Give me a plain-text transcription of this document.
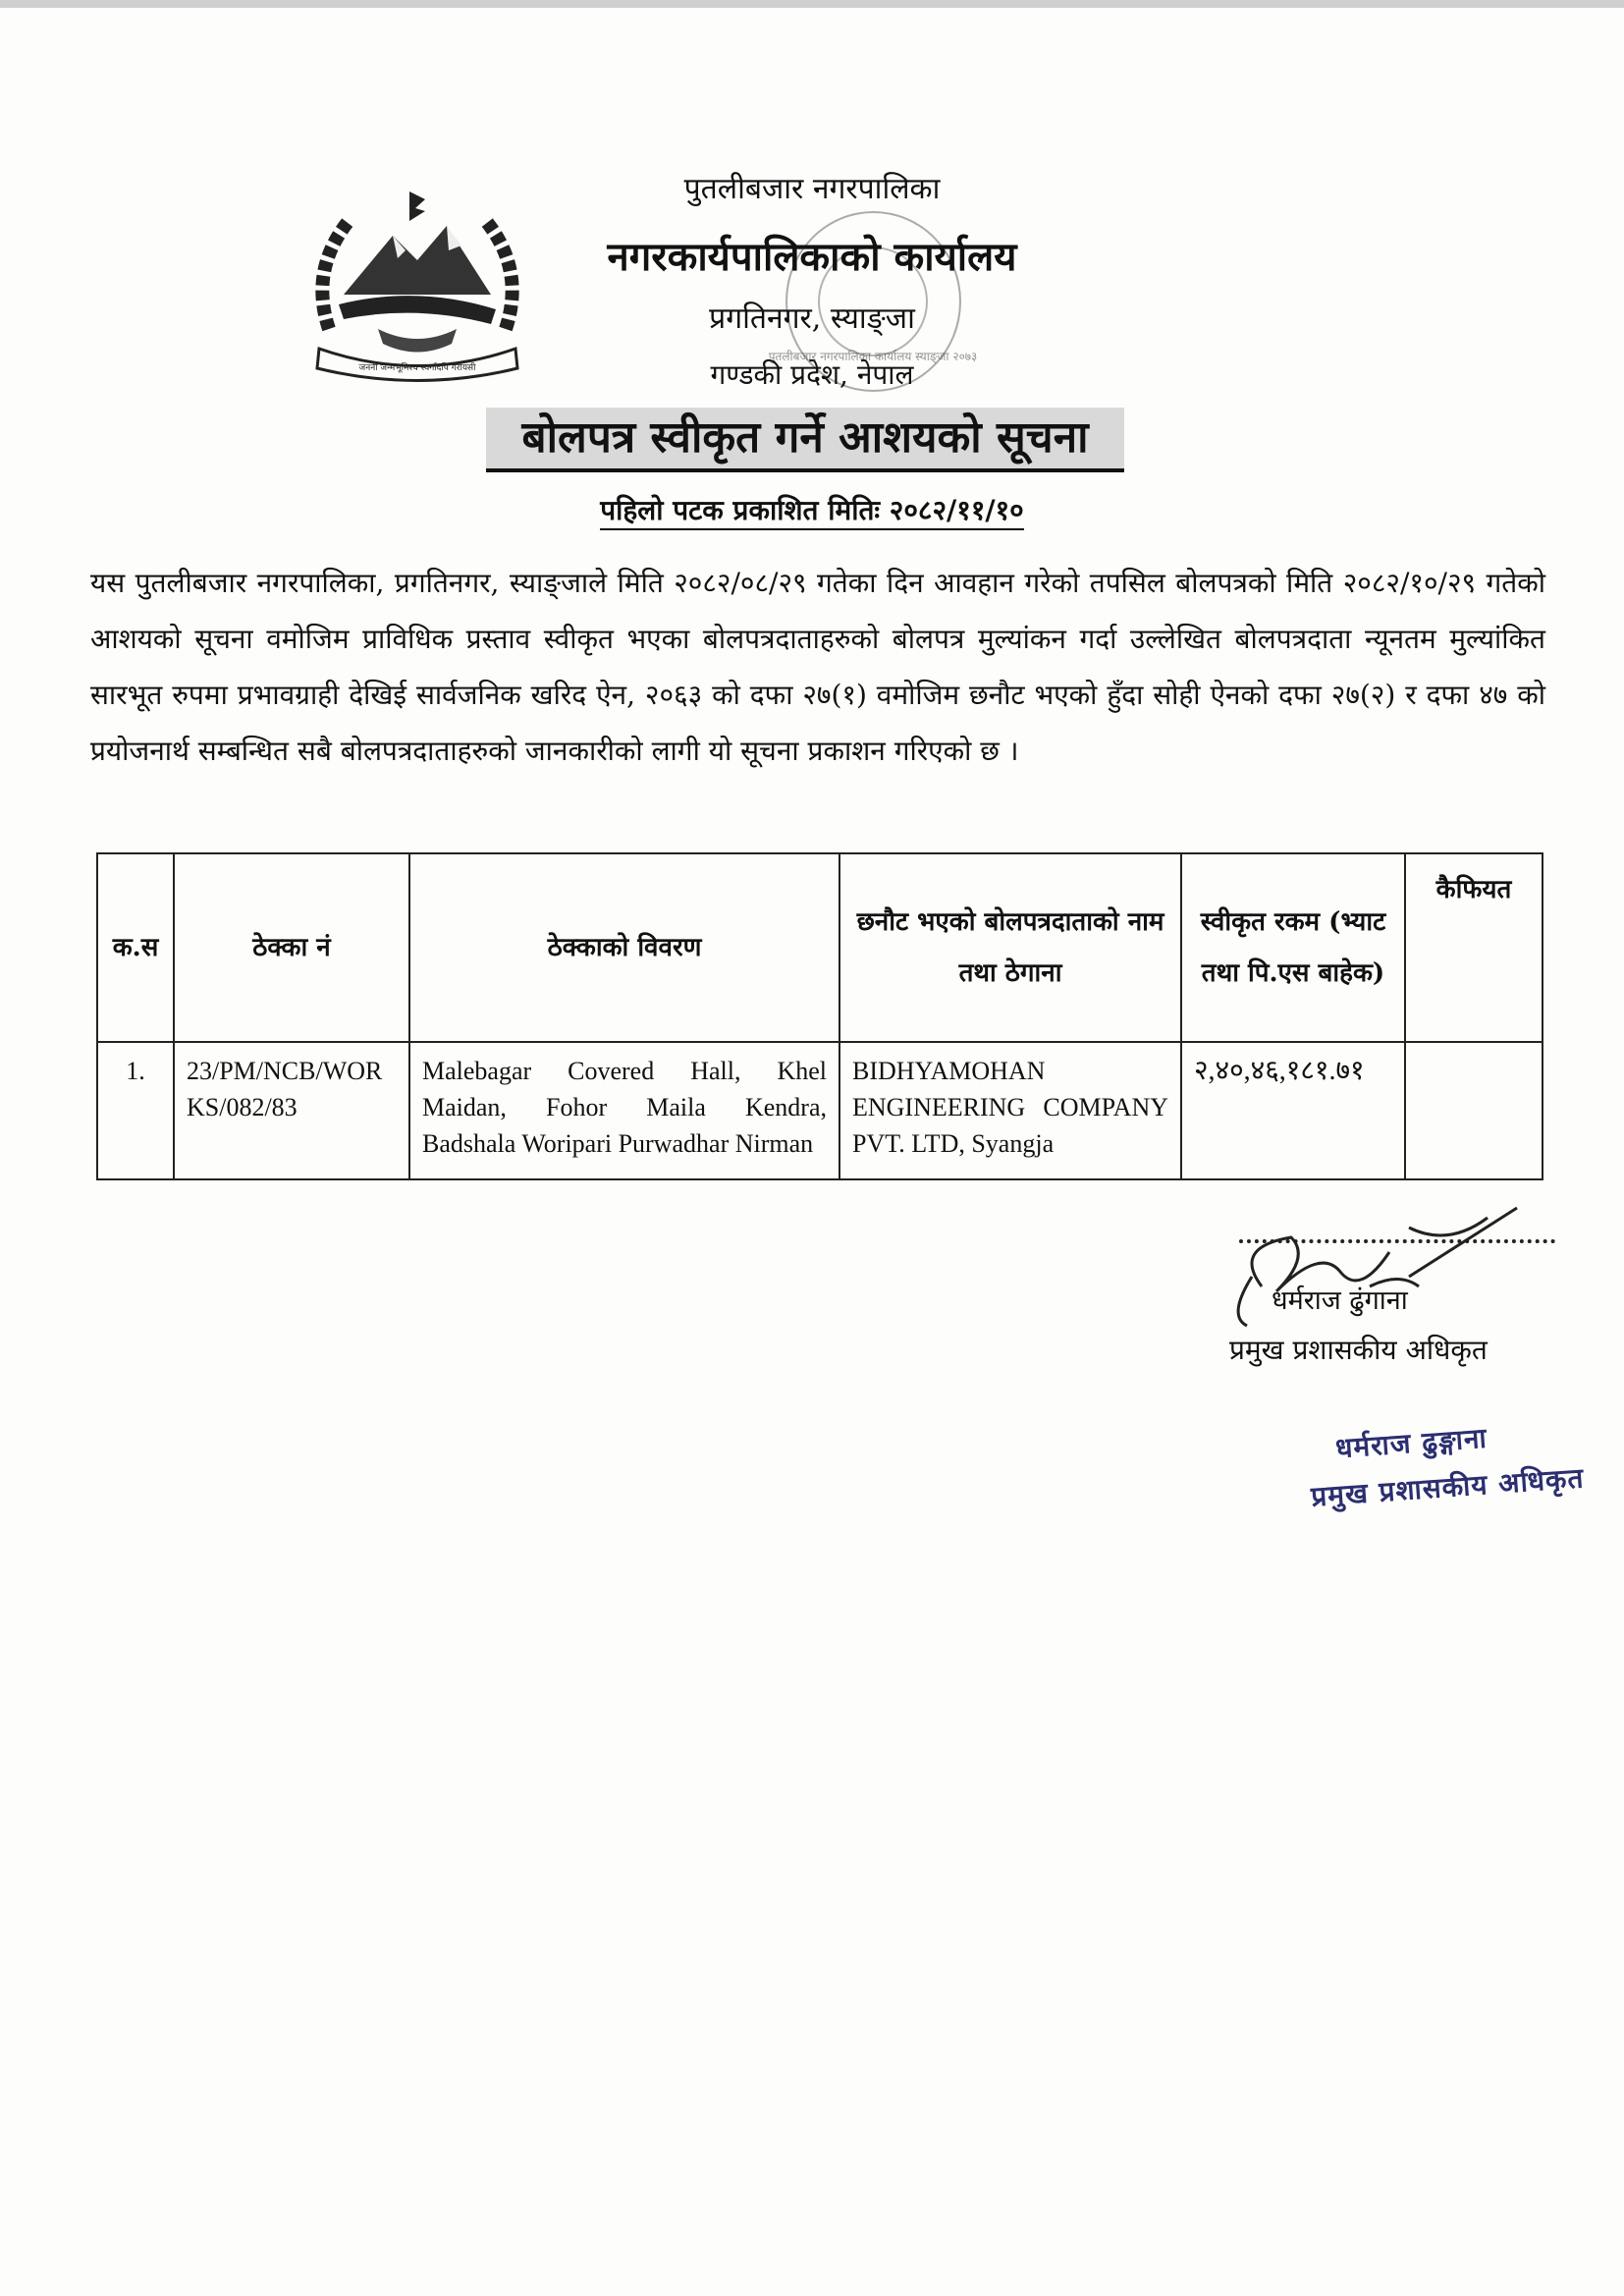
जननी जन्मभूमिश्च स्वर्गादपि गरीयसी
पुतलीबजार नगरपालिका कार्यालय स्याङ्जा २०७३
पुतलीबजार नगरपालिका
नगरकार्यपालिकाको कार्यालय
प्रगतिनगर, स्याङ्जा
गण्डकी प्रदेश, नेपाल
बोलपत्र स्वीकृत गर्ने आशयको सूचना
पहिलो पटक प्रकाशित मितिः २०८२/११/१०
यस पुतलीबजार नगरपालिका, प्रगतिनगर, स्याङ्जाले मिति २०८२/०८/२९ गतेका दिन आवहान गरेको तपसिल बोलपत्रको मिति २०८२/१०/२९ गतेको आशयको सूचना वमोजिम प्राविधिक प्रस्ताव स्वीकृत भएका बोलपत्रदाताहरुको बोलपत्र मुल्यांकन गर्दा उल्लेखित बोलपत्रदाता न्यूनतम मुल्यांकित सारभूत रुपमा प्रभावग्राही देखिई सार्वजनिक खरिद ऐन, २०६३ को दफा २७(१) वमोजिम छनौट भएको हुँदा सोही ऐनको दफा २७(२) र दफा ४७ को प्रयोजनार्थ सम्बन्धित सबै बोलपत्रदाताहरुको जानकारीको लागी यो सूचना प्रकाशन गरिएको छ ।
क.स	ठेक्का नं	ठेक्काको विवरण	छनौट भएको बोलपत्रदाताको नाम तथा ठेगाना	स्वीकृत रकम (भ्याट तथा पि.एस बाहेक)	कैफियत
1.	23/PM/NCB/WORKS/082/83	Malebagar Covered Hall, Khel Maidan, Fohor Maila Kendra, Badshala Woripari Purwadhar Nirman	BIDHYAMOHAN ENGINEERING COMPANY PVT. LTD, Syangja	२,४०,४६,१८१.७१	
धर्मराज ढुंगाना
प्रमुख प्रशासकीय अधिकृत
धर्मराज ढुङ्गाना
प्रमुख प्रशासकीय अधिकृत
